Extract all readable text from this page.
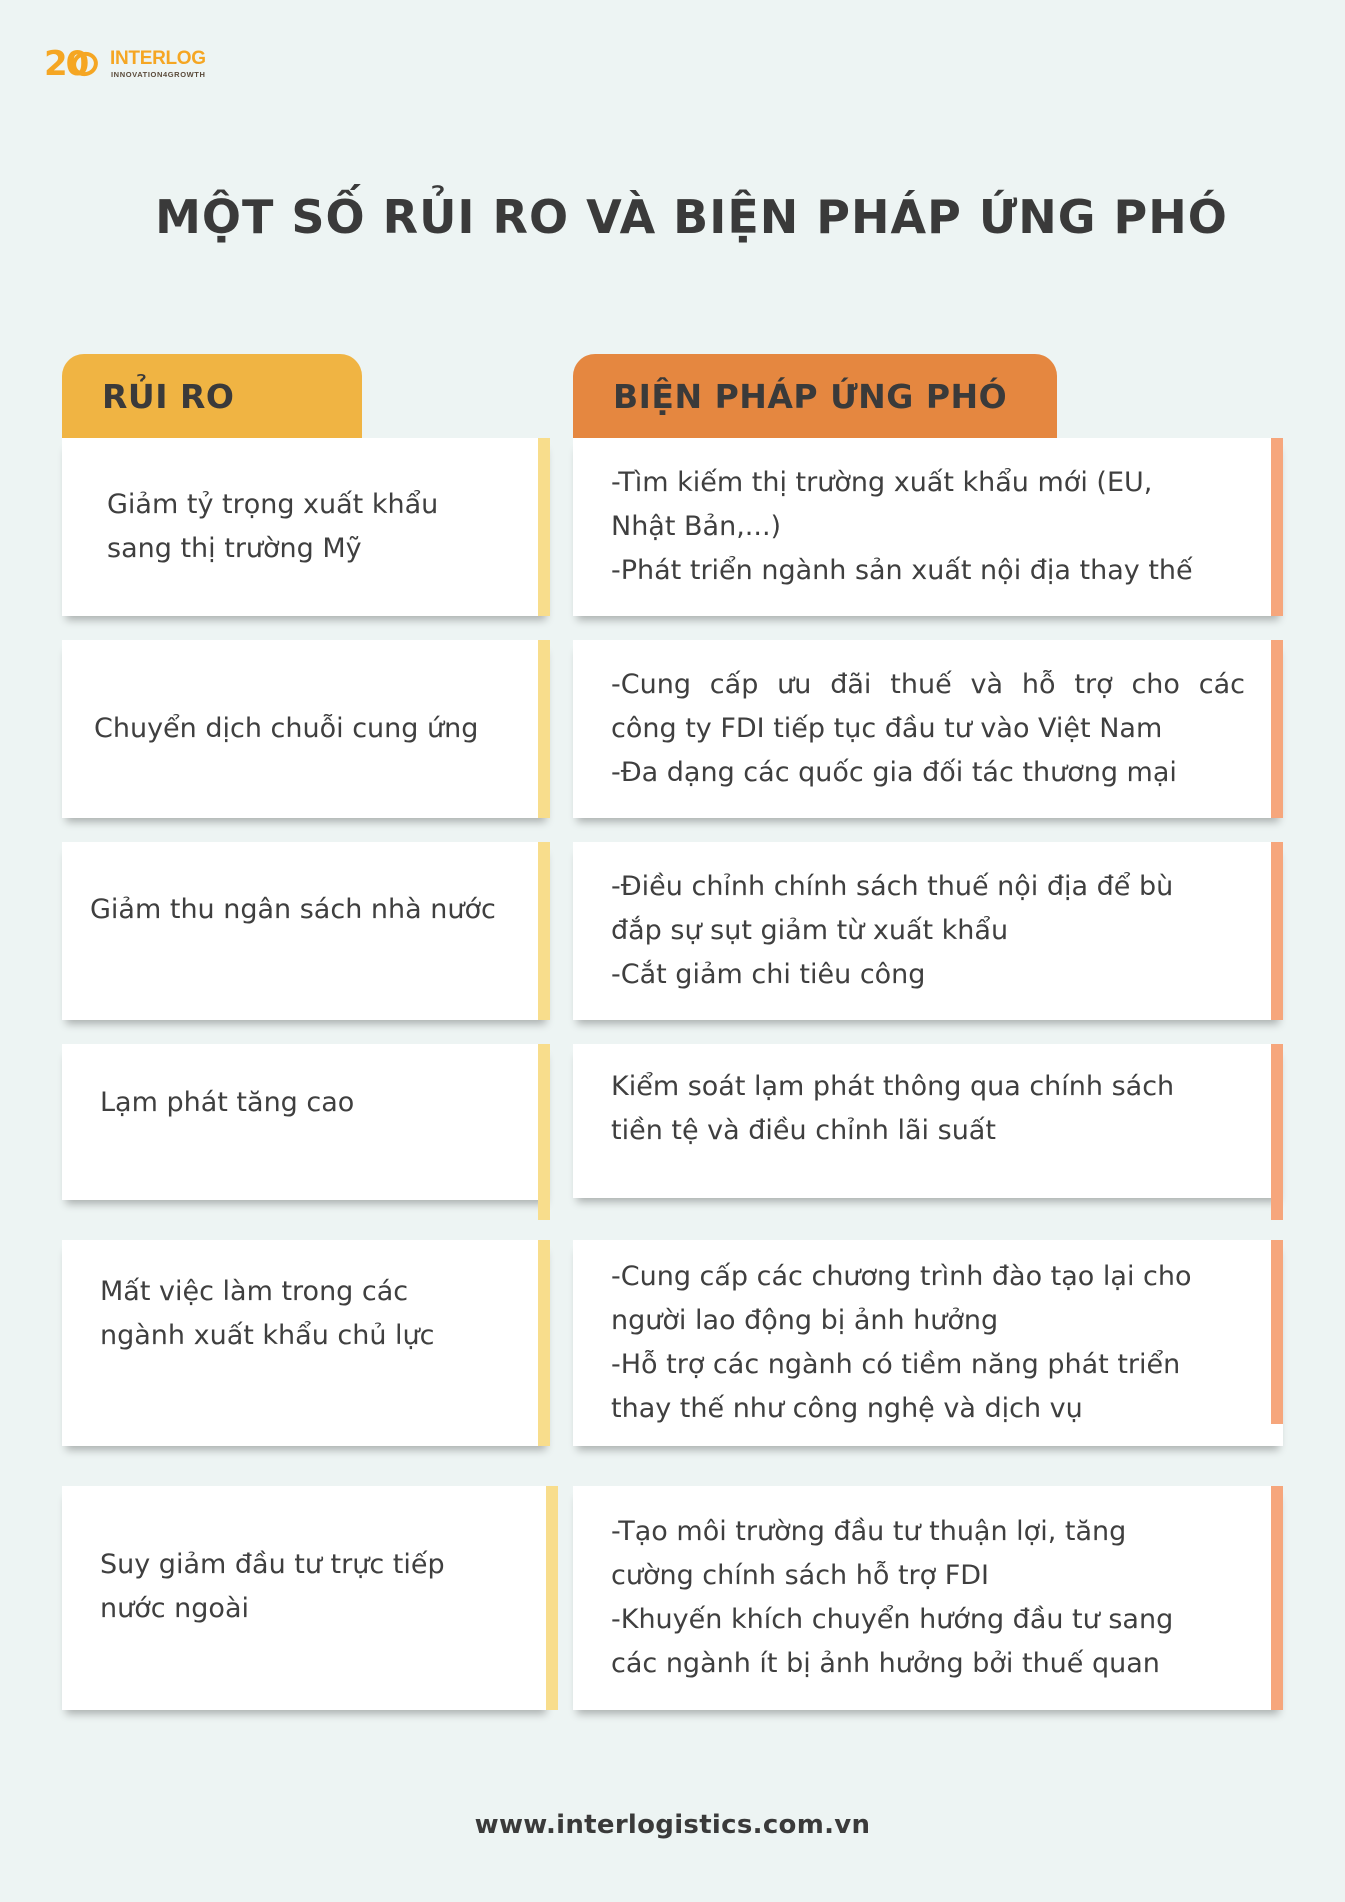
20 INTERLOG
INNOVATION4GROWTH
MỘT SỐ RỦI RO VÀ BIỆN PHÁP ỨNG PHÓ
RỦI RO	BIỆN PHÁP ỨNG PHÓ
Giảm tỷ trọng xuất khẩu
sang thị trường Mỹ
-Tìm kiếm thị trường xuất khẩu mới (EU,
Nhật Bản,...)
-Phát triển ngành sản xuất nội địa thay thế
Chuyển dịch chuỗi cung ứng
-Cung cấp ưu đãi thuế và hỗ trợ cho các
công ty FDI tiếp tục đầu tư vào Việt Nam
-Đa dạng các quốc gia đối tác thương mại
Giảm thu ngân sách nhà nước
-Điều chỉnh chính sách thuế nội địa để bù
đắp sự sụt giảm từ xuất khẩu
-Cắt giảm chi tiêu công
Lạm phát tăng cao
Kiểm soát lạm phát thông qua chính sách
tiền tệ và điều chỉnh lãi suất
Mất việc làm trong các
ngành xuất khẩu chủ lực
-Cung cấp các chương trình đào tạo lại cho
người lao động bị ảnh hưởng
-Hỗ trợ các ngành có tiềm năng phát triển
thay thế như công nghệ và dịch vụ
Suy giảm đầu tư trực tiếp
nước ngoài
-Tạo môi trường đầu tư thuận lợi, tăng
cường chính sách hỗ trợ FDI
-Khuyến khích chuyển hướng đầu tư sang
các ngành ít bị ảnh hưởng bởi thuế quan
www.interlogistics.com.vn
